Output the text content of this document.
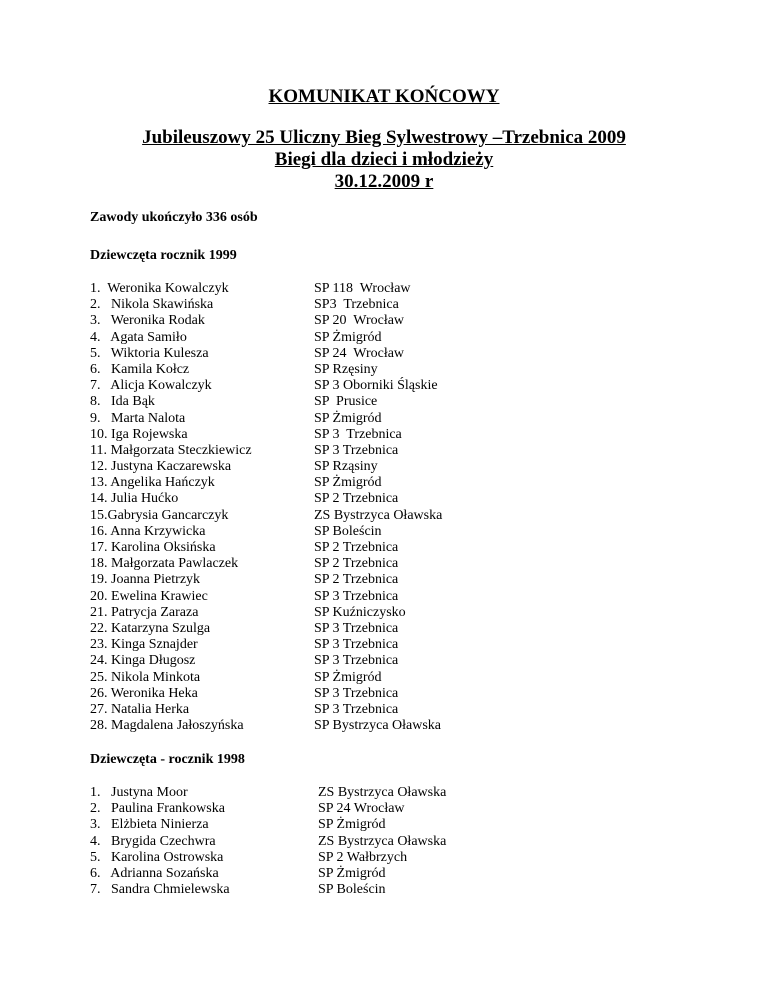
KOMUNIKAT KOŃCOWY
Jubileuszowy 25 Uliczny Bieg Sylwestrowy –Trzebnica 2009
Biegi dla dzieci i młodzieży
30.12.2009 r
Zawody ukończyło 336 osób
Dziewczęta rocznik 1999
1.  Weronika Kowalczyk	SP 118  Wrocław
2.   Nikola Skawińska	SP3  Trzebnica
3.   Weronika Rodak	SP 20  Wrocław
4.   Agata Samiło	SP Żmigród
5.   Wiktoria Kulesza	SP 24  Wrocław
6.   Kamila Kołcz	SP Rzęsiny
7.   Alicja Kowalczyk	SP 3 Oborniki Śląskie
8.   Ida Bąk	SP  Prusice
9.   Marta Nalota	SP Żmigród
10. Iga Rojewska	SP 3  Trzebnica
11. Małgorzata Steczkiewicz	SP 3 Trzebnica
12. Justyna Kaczarewska	SP Rząsiny
13. Angelika Hańczyk	SP Żmigród
14. Julia Hućko	SP 2 Trzebnica
15.Gabrysia Gancarczyk	ZS Bystrzyca Oławska
16. Anna Krzywicka	SP Boleścin
17. Karolina Oksińska	SP 2 Trzebnica
18. Małgorzata Pawlaczek	SP 2 Trzebnica
19. Joanna Pietrzyk	SP 2 Trzebnica
20. Ewelina Krawiec	SP 3 Trzebnica
21. Patrycja Zaraza	SP Kuźniczysko
22. Katarzyna Szulga	SP 3 Trzebnica
23. Kinga Sznajder	SP 3 Trzebnica
24. Kinga Długosz	SP 3 Trzebnica
25. Nikola Minkota	SP Żmigród
26. Weronika Heka	SP 3 Trzebnica
27. Natalia Herka	SP 3 Trzebnica
28. Magdalena Jałoszyńska	SP Bystrzyca Oławska
Dziewczęta - rocznik 1998
1.   Justyna Moor	ZS Bystrzyca Oławska
2.   Paulina Frankowska	SP 24 Wrocław
3.   Elżbieta Ninierza	SP Żmigród
4.   Brygida Czechwra	ZS Bystrzyca Oławska
5.   Karolina Ostrowska	SP 2 Wałbrzych
6.   Adrianna Sozańska	SP Żmigród
7.   Sandra Chmielewska	SP Boleścin
